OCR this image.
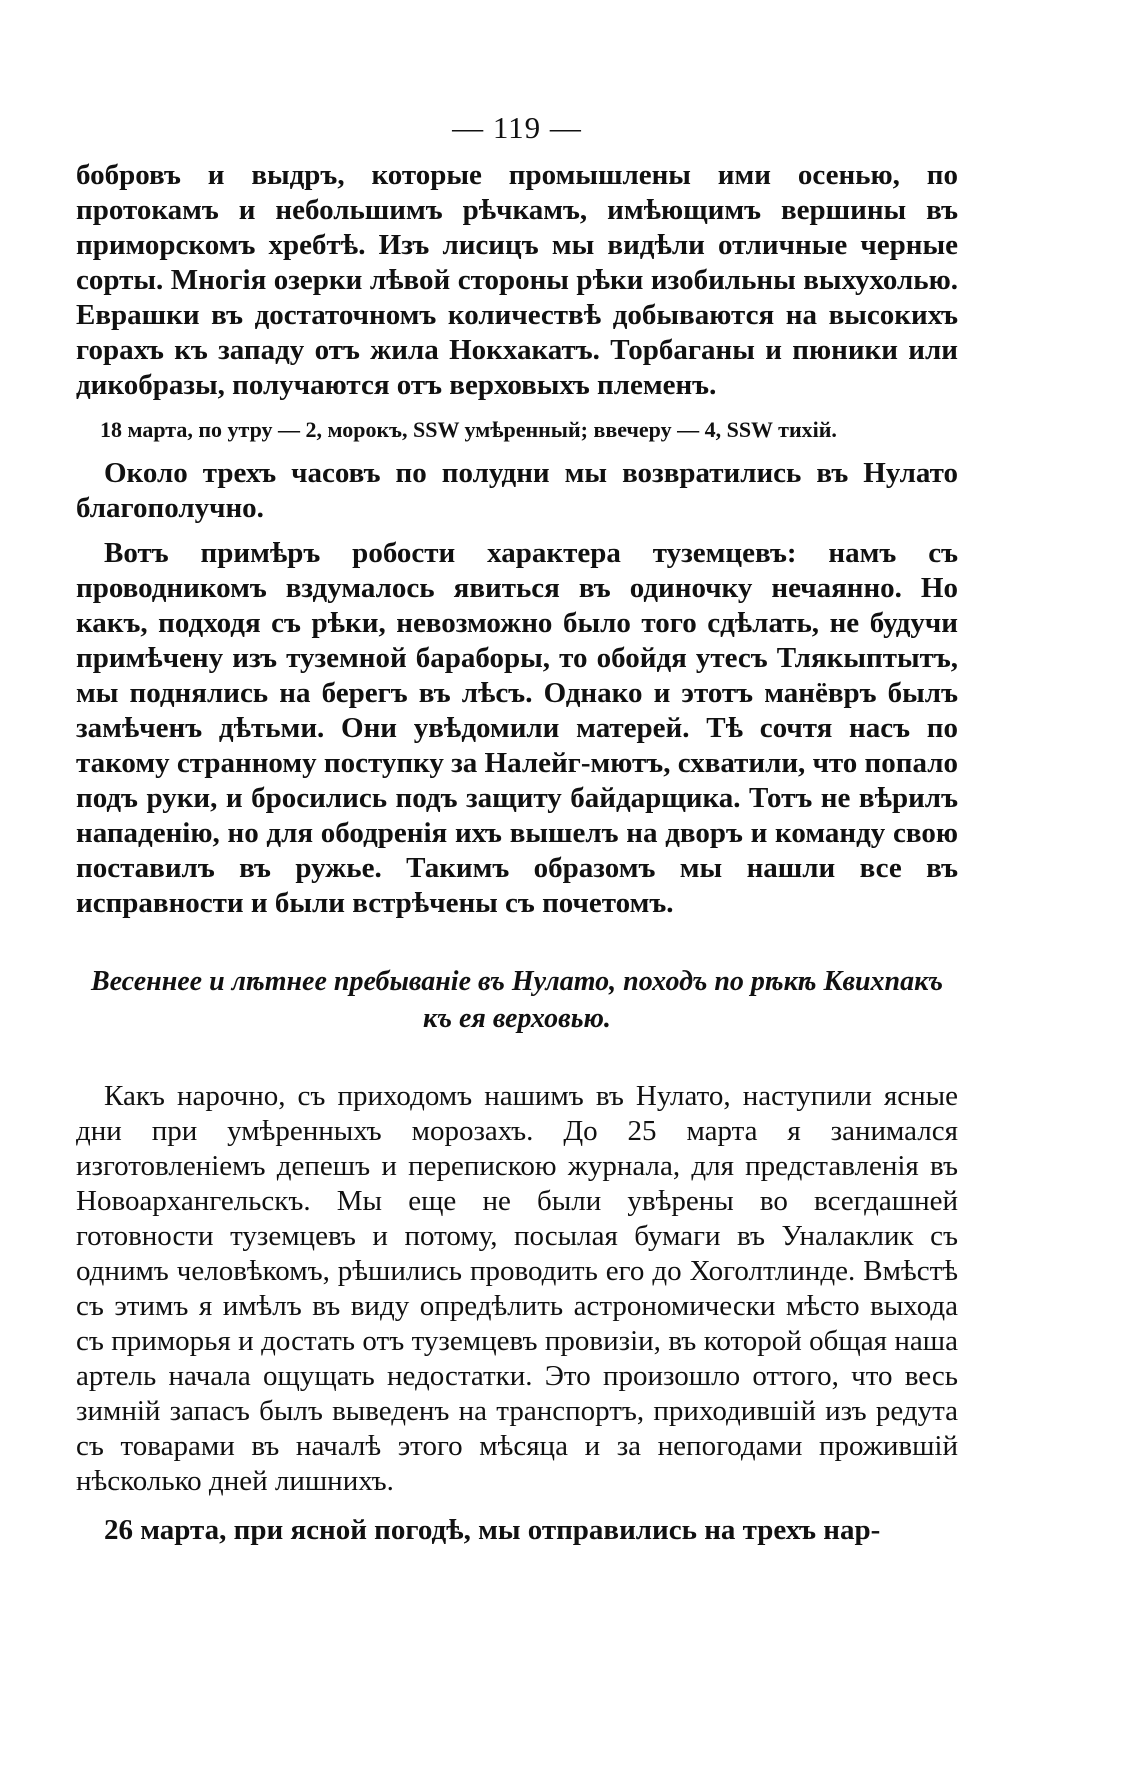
— 119 —

бобровъ и выдръ, которые промышлены ими осенью, по протокамъ и небольшимъ рѣчкамъ, имѣющимъ вершины въ приморскомъ хребтѣ. Изъ лисицъ мы видѣли отличные черные сорты. Многія озерки лѣвой стороны рѣки изобильны выхухолью. Еврашки въ достаточномъ количествѣ добываются на высокихъ горахъ къ западу отъ жила Нокхакатъ. Торбаганы и пюники или дикобразы, получаются отъ верховыхъ племенъ.

18 марта, по утру — 2, морокъ, SSW умѣренный; ввечеру — 4, SSW тихій.

Около трехъ часовъ по полудни мы возвратились въ Нулато благополучно.

Вотъ примѣръ робости характера туземцевъ: намъ съ проводникомъ вздумалось явиться въ одиночку нечаянно. Но какъ, подходя съ рѣки, невозможно было того сдѣлать, не будучи примѣчену изъ туземной бараборы, то обойдя утесъ Тлякыптытъ, мы поднялись на берегъ въ лѣсъ. Однако и этотъ манёвръ былъ замѣченъ дѣтьми. Они увѣдомили матерей. Тѣ сочтя насъ по такому странному поступку за Налейг-мютъ, схватили, что попало подъ руки, и бросились подъ защиту байдарщика. Тотъ не вѣрилъ нападенію, но для ободренія ихъ вышелъ на дворъ и команду свою поставилъ въ ружье. Такимъ образомъ мы нашли все въ исправности и были встрѣчены съ почетомъ.

Весеннее и лѣтнее пребываніе въ Нулато, походъ по рѣкѣ Квихпакъ къ ея верховью.

Какъ нарочно, съ приходомъ нашимъ въ Нулато, наступили ясные дни при умѣренныхъ морозахъ. До 25 марта я занимался изготовленіемъ депешъ и перепискою журнала, для представленія въ Новоархангельскъ. Мы еще не были увѣрены во всегдашней готовности туземцевъ и потому, посылая бумаги въ Уналаклик съ однимъ человѣкомъ, рѣшились проводить его до Хоголтлинде. Вмѣстѣ съ этимъ я имѣлъ въ виду опредѣлить астрономически мѣсто выхода съ приморья и достать отъ туземцевъ провизіи, въ которой общая наша артель начала ощущать недостатки. Это произошло оттого, что весь зимній запасъ былъ выведенъ на транспортъ, приходившій изъ редута съ товарами въ началѣ этого мѣсяца и за непогодами прожившій нѣсколько дней лишнихъ.

26 марта, при ясной погодѣ, мы отправились на трехъ нар-
